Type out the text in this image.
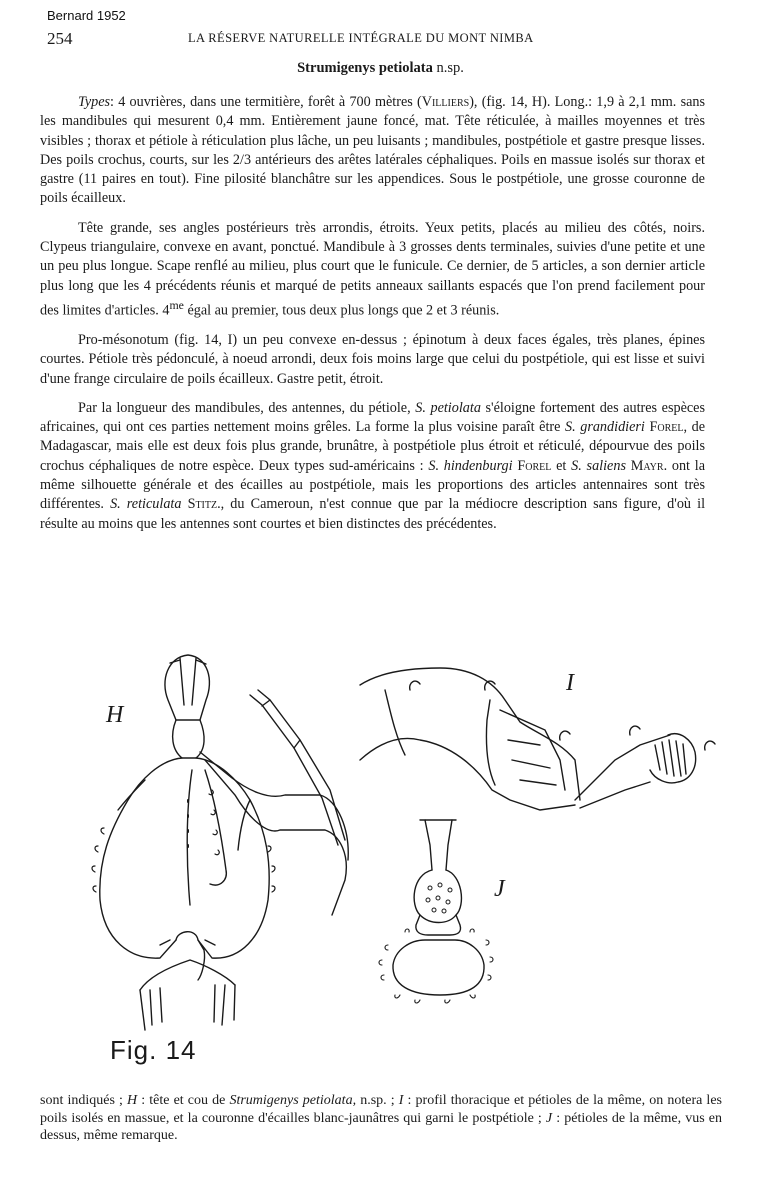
Bernard 1952
254	LA RÉSERVE NATURELLE INTÉGRALE DU MONT NIMBA
Strumigenys petiolata n.sp.

Types: 4 ouvrières, dans une termitière, forêt à 700 mètres (Villiers), (fig. 14, H). Long.: 1,9 à 2,1 mm. sans les mandibules qui mesurent 0,4 mm. Entièrement jaune foncé, mat. Tête réticulée, à mailles moyennes et très visibles ; thorax et pétiole à réticulation plus lâche, un peu luisants ; mandibules, postpétiole et gastre presque lisses. Des poils crochus, courts, sur les 2/3 antérieurs des arêtes latérales céphaliques. Poils en massue isolés sur thorax et gastre (11 paires en tout). Fine pilosité blanchâtre sur les appendices. Sous le postpétiole, une grosse couronne de poils écailleux.

Tête grande, ses angles postérieurs très arrondis, étroits. Yeux petits, placés au milieu des côtés, noirs. Clypeus triangulaire, convexe en avant, ponctué. Mandibule à 3 grosses dents terminales, suivies d'une petite et une un peu plus longue. Scape renflé au milieu, plus court que le funicule. Ce dernier, de 5 articles, a son dernier article plus long que les 4 précédents réunis et marqué de petits anneaux saillants espacés que l'on prend facilement pour des limites d'articles. $4^{me}$ égal au premier, tous deux plus longs que 2 et 3 réunis.

Pro-mésonotum (fig. 14, I) un peu convexe en-dessus ; épinotum à deux faces égales, très planes, épines courtes. Pétiole très pédonculé, à noeud arrondi, deux fois moins large que celui du postpétiole, qui est lisse et suivi d'une frange circulaire de poils écailleux. Gastre petit, étroit.

Par la longueur des mandibules, des antennes, du pétiole, S. petiolata s'éloigne fortement des autres espèces africaines, qui ont ces parties nettement moins grêles. La forme la plus voisine paraît être S. grandidieri Forel, de Madagascar, mais elle est deux fois plus grande, brunâtre, à postpétiole plus étroit et réticulé, dépourvue des poils crochus céphaliques de notre espèce. Deux types sud-américains : S. hindenburgi Forel et S. saliens Mayr. ont la même silhouette générale et des écailles au postpétiole, mais les proportions des articles antennaires sont très différentes. S. reticulata Stitz., du Cameroun, n'est connue que par la médiocre description sans figure, d'où il résulte au moins que les antennes sont courtes et bien distinctes des précédentes.

H
I
J
Fig. 14
sont indiqués ; H : tête et cou de Strumigenys petiolata, n.sp. ; I : profil thoracique et pétioles de la même, on notera les poils isolés en massue, et la couronne d'écailles blanc-jaunâtres qui garni le postpétiole ; J : pétioles de la même, vus en dessus, même remarque.
